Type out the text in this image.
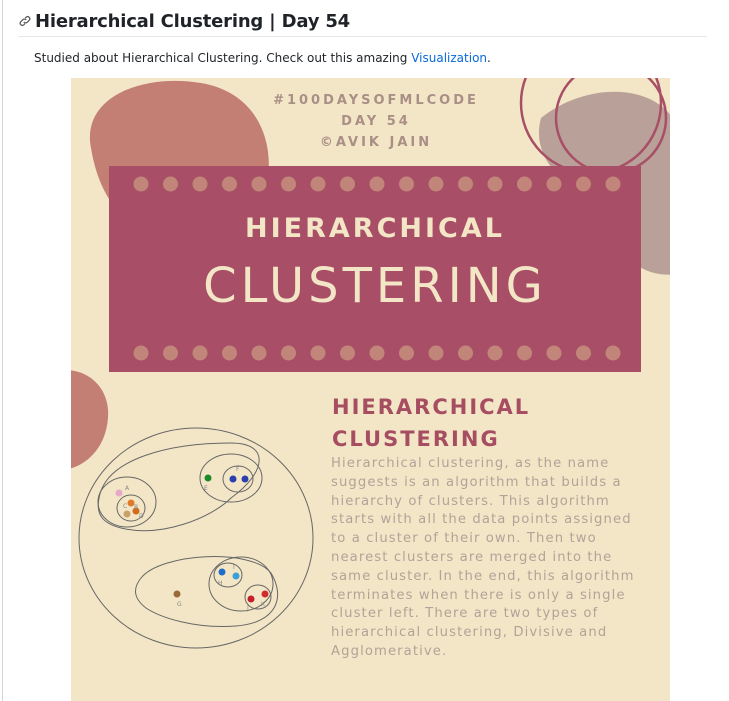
Hierarchical Clustering | Day 54
Studied about Hierarchical Clustering. Check out this amazing Visualization.
A
B
C
D
E
F
G
H
I
J
K
#100DAYSOFMLCODE
DAY 54
©AVIK JAIN
HIERARCHICAL
CLUSTERING
HIERARCHICAL
CLUSTERING
Hierarchical clustering, as the name suggests is an algorithm that builds a hierarchy of clusters. This algorithm starts with all the data points assigned to a cluster of their own. Then two nearest clusters are merged into the same cluster. In the end, this algorithm terminates when there is only a single cluster left. There are two types of hierarchical clustering, Divisive and Agglomerative.
